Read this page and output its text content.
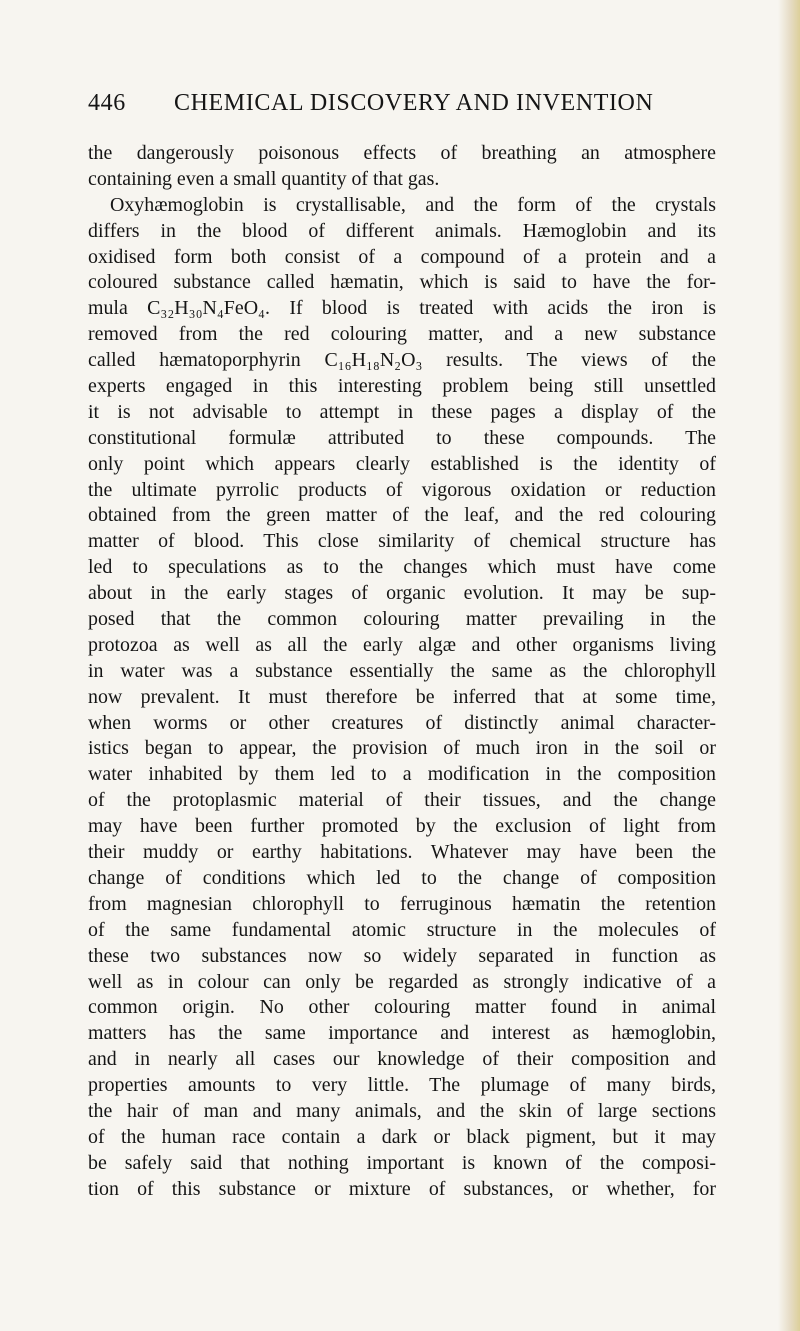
446 CHEMICAL DISCOVERY AND INVENTION
the dangerously poisonous effects of breathing an atmosphere
containing even a small quantity of that gas.
Oxyhæmoglobin is crystallisable, and the form of the crystals
differs in the blood of different animals. Hæmoglobin and its
oxidised form both consist of a compound of a protein and a
coloured substance called hæmatin, which is said to have the for-
mula C₃₂H₃₀N₄FeO₄. If blood is treated with acids the iron is
removed from the red colouring matter, and a new substance
called hæmatoporphyrin C₁₆H₁₈N₂O₃ results. The views of the
experts engaged in this interesting problem being still unsettled
it is not advisable to attempt in these pages a display of the
constitutional formulæ attributed to these compounds. The
only point which appears clearly established is the identity of
the ultimate pyrrolic products of vigorous oxidation or reduction
obtained from the green matter of the leaf, and the red colouring
matter of blood. This close similarity of chemical structure has
led to speculations as to the changes which must have come
about in the early stages of organic evolution. It may be sup-
posed that the common colouring matter prevailing in the
protozoa as well as all the early algæ and other organisms living
in water was a substance essentially the same as the chlorophyll
now prevalent. It must therefore be inferred that at some time,
when worms or other creatures of distinctly animal character-
istics began to appear, the provision of much iron in the soil or
water inhabited by them led to a modification in the composition
of the protoplasmic material of their tissues, and the change
may have been further promoted by the exclusion of light from
their muddy or earthy habitations. Whatever may have been the
change of conditions which led to the change of composition
from magnesian chlorophyll to ferruginous hæmatin the retention
of the same fundamental atomic structure in the molecules of
these two substances now so widely separated in function as
well as in colour can only be regarded as strongly indicative of a
common origin. No other colouring matter found in animal
matters has the same importance and interest as hæmoglobin,
and in nearly all cases our knowledge of their composition and
properties amounts to very little. The plumage of many birds,
the hair of man and many animals, and the skin of large sections
of the human race contain a dark or black pigment, but it may
be safely said that nothing important is known of the composi-
tion of this substance or mixture of substances, or whether, for
